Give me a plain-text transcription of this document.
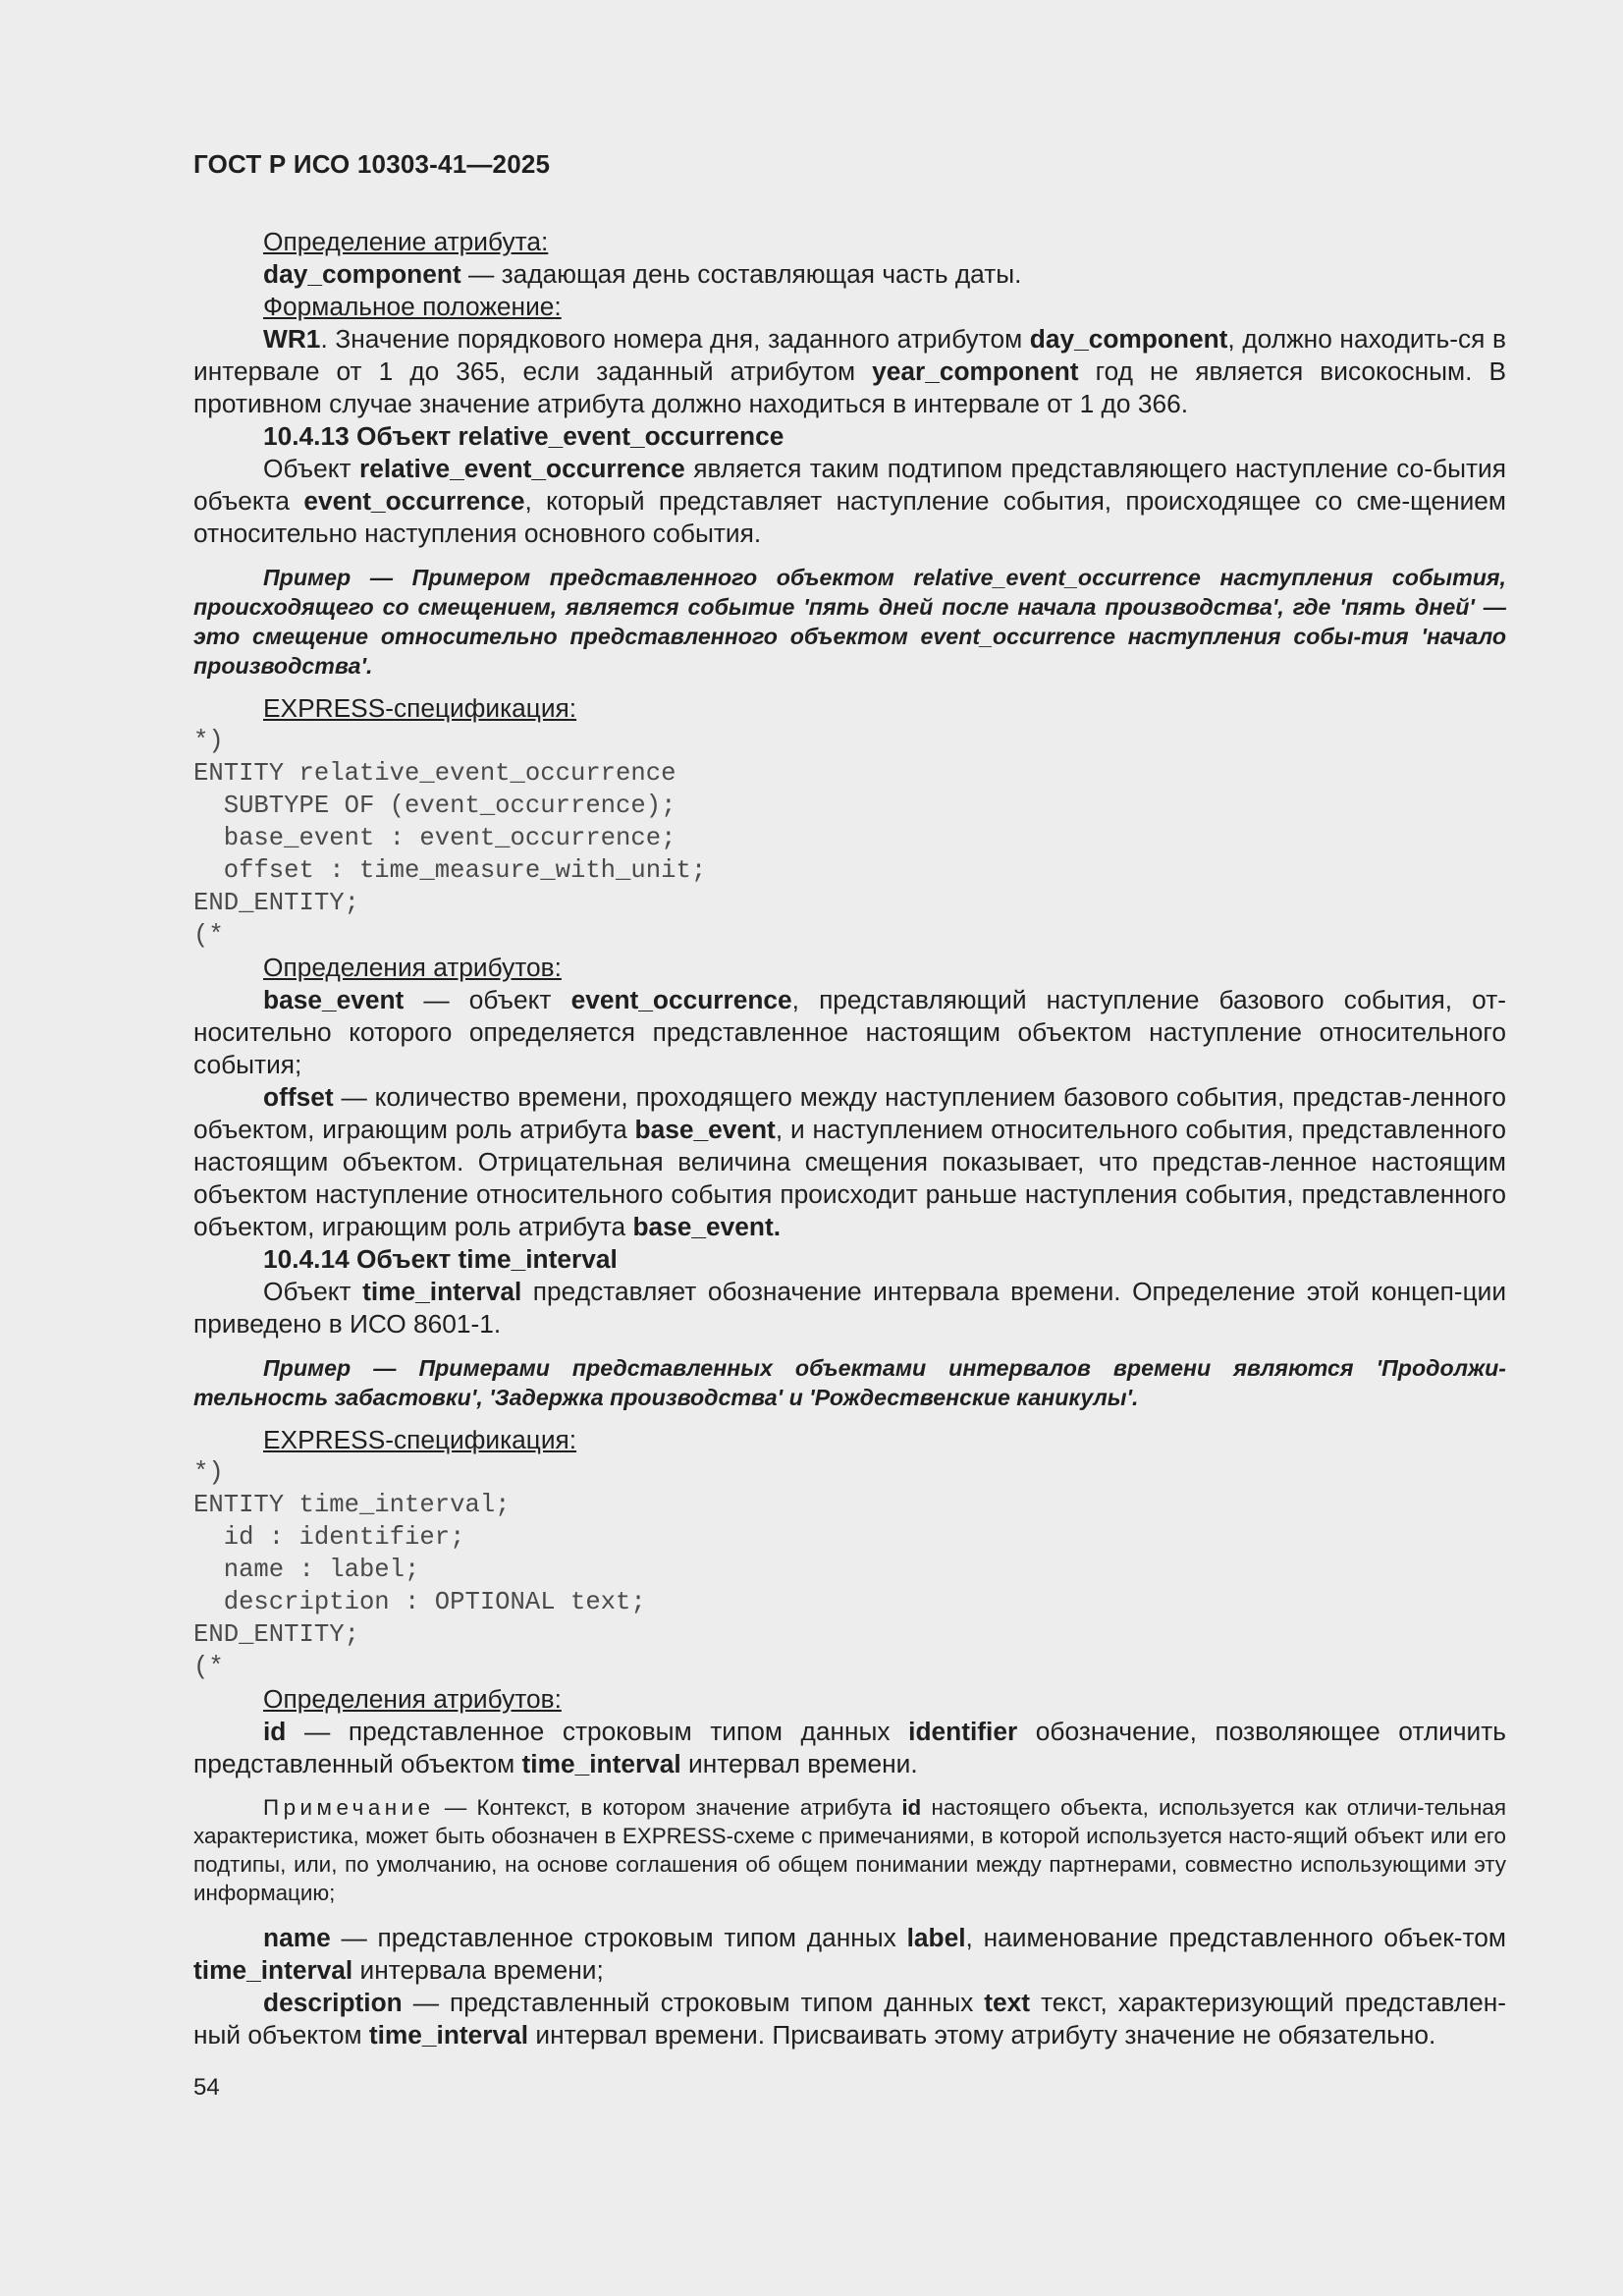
ГОСТ Р ИСО 10303-41—2025

Определение атрибута:

day_component — задающая день составляющая часть даты.

Формальное положение:

WR1. Значение порядкового номера дня, заданного атрибутом day_component, должно находить-ся в интервале от 1 до 365, если заданный атрибутом year_component год не является високосным. В противном случае значение атрибута должно находиться в интервале от 1 до 366.

10.4.13 Объект relative_event_occurrence

Объект relative_event_occurrence является таким подтипом представляющего наступление со-бытия объекта event_occurrence, который представляет наступление события, происходящее со сме-щением относительно наступления основного события.

Пример — Примером представленного объектом relative_event_occurrence наступления события, происходящего со смещением, является событие 'пять дней после начала производства', где 'пять дней' — это смещение относительно представленного объектом event_occurrence наступления собы-тия 'начало производства'.

EXPRESS-спецификация:

*)
ENTITY relative_event_occurrence
SUBTYPE OF (event_occurrence);
base_event : event_occurrence;
offset : time_measure_with_unit;
END_ENTITY;
(*

Определения атрибутов:

base_event — объект event_occurrence, представляющий наступление базового события, от-носительно которого определяется представленное настоящим объектом наступление относительного события;

offset — количество времени, проходящего между наступлением базового события, представ-ленного объектом, играющим роль атрибута base_event, и наступлением относительного события, представленного настоящим объектом. Отрицательная величина смещения показывает, что представ-ленное настоящим объектом наступление относительного события происходит раньше наступления события, представленного объектом, играющим роль атрибута base_event.

10.4.14 Объект time_interval

Объект time_interval представляет обозначение интервала времени. Определение этой концеп-ции приведено в ИСО 8601-1.

Пример — Примерами представленных объектами интервалов времени являются 'Продолжи-тельность забастовки', 'Задержка производства' и 'Рождественские каникулы'.

EXPRESS-спецификация:

*)
ENTITY time_interval;
id : identifier;
name : label;
description : OPTIONAL text;
END_ENTITY;
(*

Определения атрибутов:

id — представленное строковым типом данных identifier обозначение, позволяющее отличить представленный объектом time_interval интервал времени.

Примечание — Контекст, в котором значение атрибута id настоящего объекта, используется как отличи-тельная характеристика, может быть обозначен в EXPRESS-схеме с примечаниями, в которой используется насто-ящий объект или его подтипы, или, по умолчанию, на основе соглашения об общем понимании между партнерами, совместно использующими эту информацию;

name — представленное строковым типом данных label, наименование представленного объек-том time_interval интервала времени;

description — представленный строковым типом данных text текст, характеризующий представлен-ный объектом time_interval интервал времени. Присваивать этому атрибуту значение не обязательно.

54
